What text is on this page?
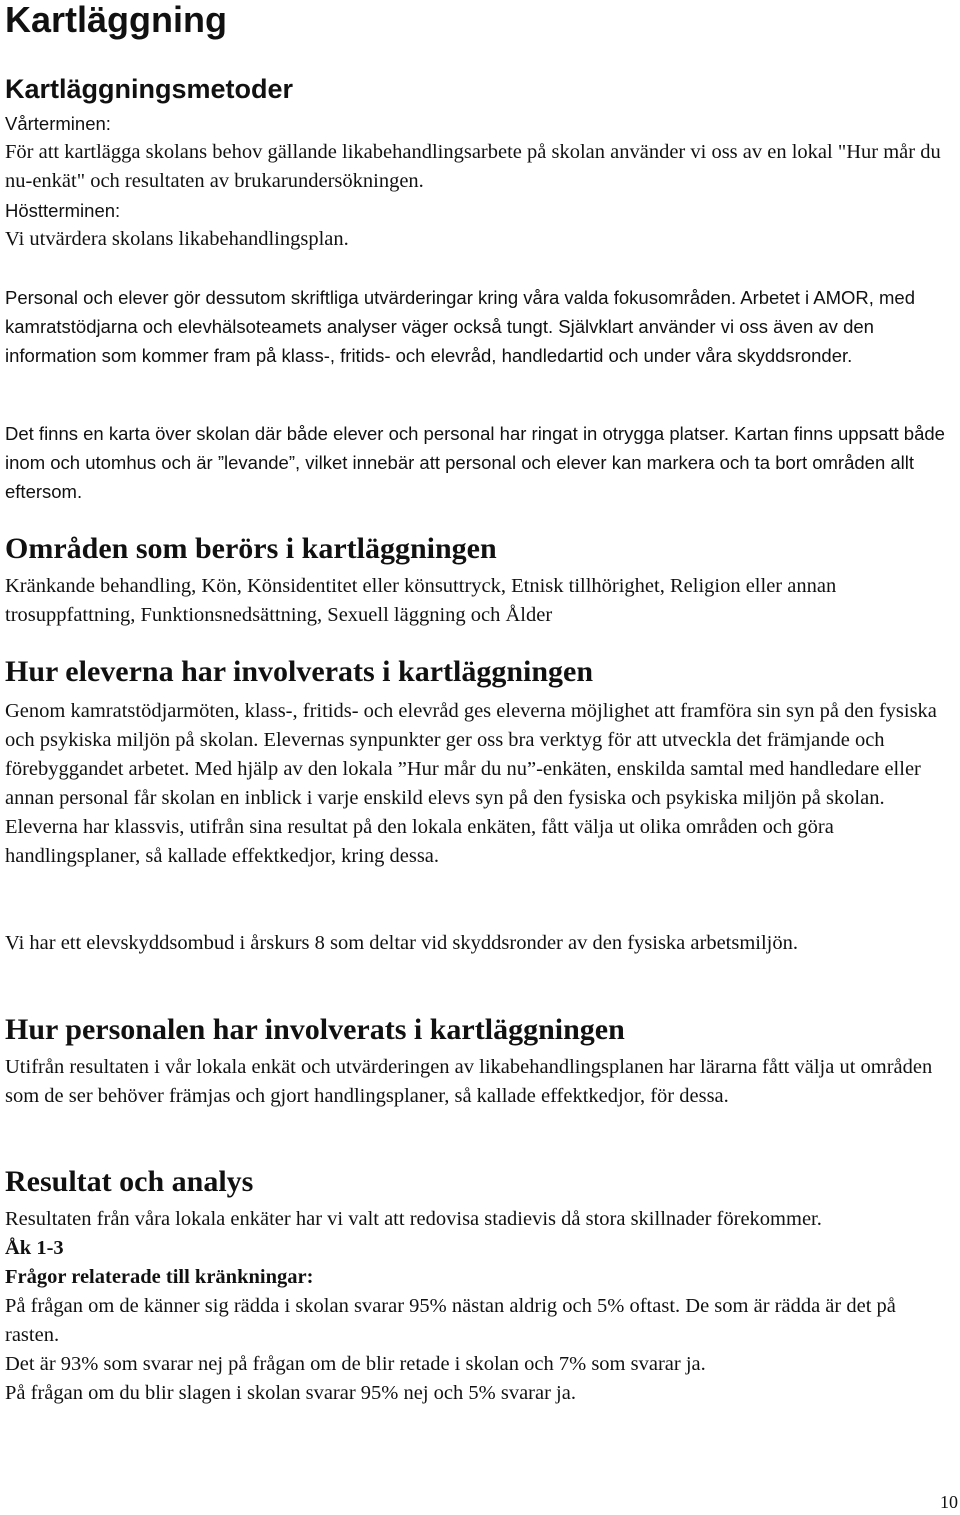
Kartläggning
Kartläggningsmetoder
Vårterminen:
För att kartlägga skolans behov gällande likabehandlingsarbete på skolan använder vi oss av en lokal "Hur mår du nu-enkät" och resultaten av brukarundersökningen.
Höstterminen:
Vi utvärdera skolans likabehandlingsplan.
Personal och elever gör dessutom skriftliga utvärderingar kring våra valda fokusområden. Arbetet i AMOR, med kamratstödjarna och elevhälsoteamets analyser väger också tungt. Självklart använder vi oss även av den information som kommer fram på klass-, fritids- och elevråd, handledartid och under våra skyddsronder.
Det finns en karta över skolan där både elever och personal har ringat in otrygga platser. Kartan finns uppsatt både inom och utomhus och är ”levande”, vilket innebär att personal och elever kan markera och ta bort områden allt eftersom.
Områden som berörs i kartläggningen
Kränkande behandling, Kön, Könsidentitet eller könsuttryck, Etnisk tillhörighet, Religion eller annan trosuppfattning, Funktionsnedsättning, Sexuell läggning och Ålder
Hur eleverna har involverats i kartläggningen
Genom kamratstödjarmöten, klass-, fritids- och elevråd ges eleverna möjlighet att framföra sin syn på den fysiska och psykiska miljön på skolan. Elevernas synpunkter ger oss bra verktyg för att utveckla det främjande och förebyggandet arbetet. Med hjälp av den lokala ”Hur mår du nu”-enkäten, enskilda samtal med handledare eller annan personal får skolan en inblick i varje enskild elevs syn på den fysiska och psykiska miljön på skolan. Eleverna har klassvis, utifrån sina resultat på den lokala enkäten, fått välja ut olika områden och göra handlingsplaner, så kallade effektkedjor, kring dessa.
Vi har ett elevskyddsombud i årskurs 8 som deltar vid skyddsronder av den fysiska arbetsmiljön.
Hur personalen har involverats i kartläggningen
Utifrån resultaten i vår lokala enkät och utvärderingen av likabehandlingsplanen har lärarna fått välja ut områden som de ser behöver främjas och gjort handlingsplaner, så kallade effektkedjor, för dessa.
Resultat och analys
Resultaten från våra lokala enkäter har vi valt att redovisa stadievis då stora skillnader förekommer.
Åk 1-3
Frågor relaterade till kränkningar:
På frågan om de känner sig rädda i skolan svarar 95% nästan aldrig och 5% oftast. De som är rädda är det på rasten.
Det är 93% som svarar nej på frågan om de blir retade i skolan och 7% som svarar ja.
På frågan om du blir slagen i skolan svarar 95% nej och 5% svarar ja.
10
